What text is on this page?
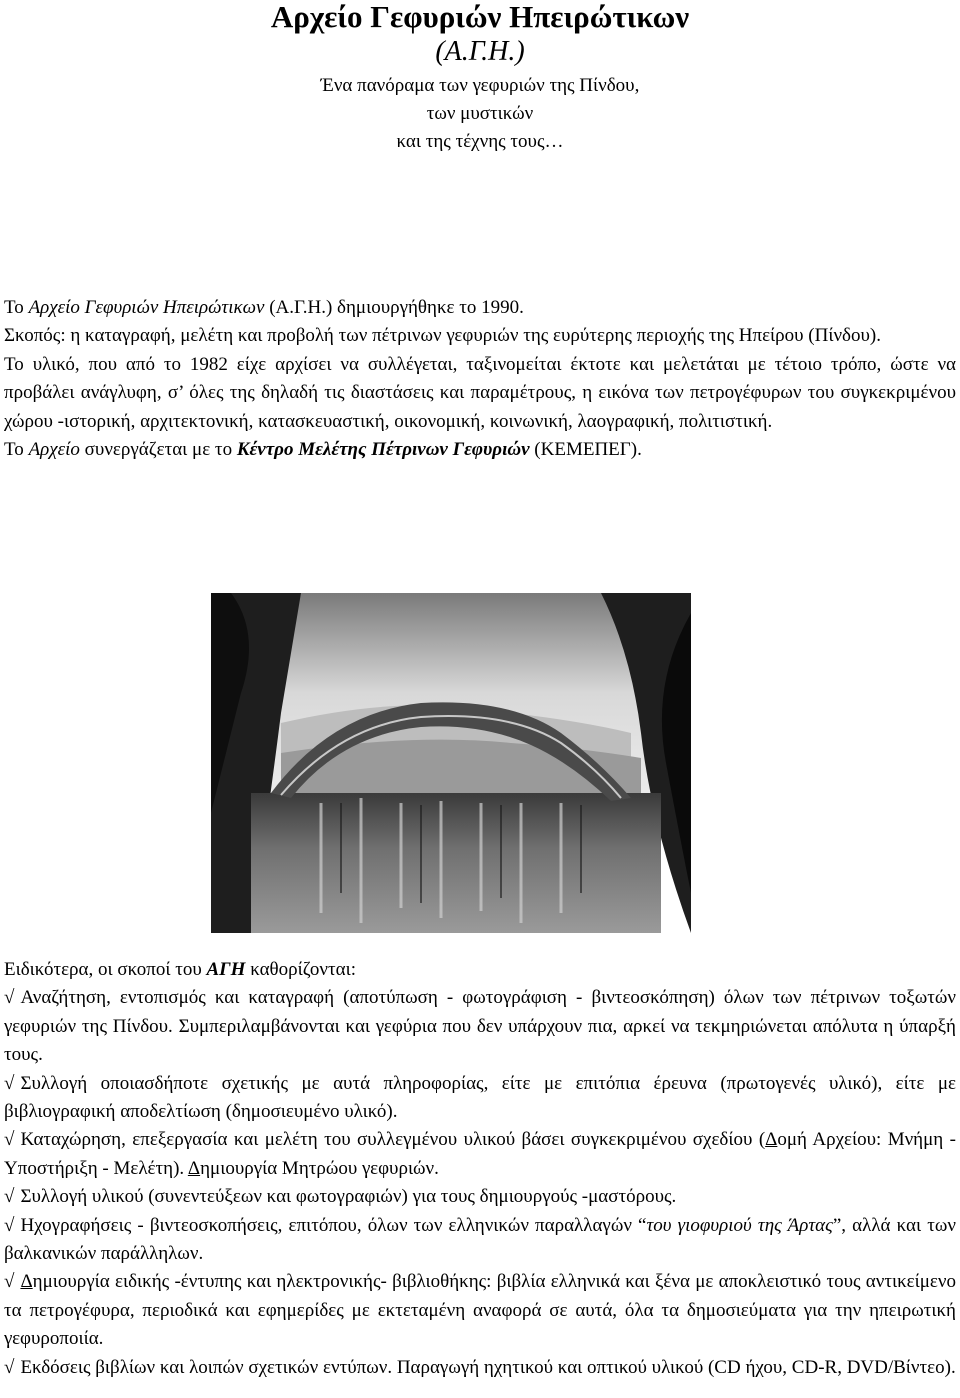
Αρχείο Γεφυριών Ηπειρώτικων
(Α.Γ.Η.)
Ένα πανόραμα των γεφυριών της Πίνδου,
των μυστικών
και της τέχνης τους…

Το Αρχείο Γεφυριών Ηπειρώτικων (Α.Γ.Η.) δημιουργήθηκε το 1990.

Σκοπός: η καταγραφή, μελέτη και προβολή των πέτρινων γεφυριών της ευρύτερης περιοχής της Ηπείρου (Πίνδου).

Το υλικό, που από το 1982 είχε αρχίσει να συλλέγεται, ταξινομείται έκτοτε και μελετάται με τέτοιο τρόπο, ώστε να προβάλει ανάγλυφη, σ’ όλες της δηλαδή τις διαστάσεις και παραμέτρους, η εικόνα των πετρογέφυρων του συγκεκριμένου χώρου -ιστορική, αρχιτεκτονική, κατασκευαστική, οικονομική, κοινωνική, λαογραφική, πολιτιστική.

Το Αρχείο συνεργάζεται με το Κέντρο Μελέτης Πέτρινων Γεφυριών (ΚΕΜΕΠΕΓ).

Ειδικότερα, οι σκοποί του ΑΓΗ καθορίζονται:

√ Αναζήτηση, εντοπισμός και καταγραφή (αποτύπωση - φωτογράφιση - βιντεοσκόπηση) όλων των πέτρινων τοξωτών γεφυριών της Πίνδου. Συμπεριλαμβάνονται και γεφύρια που δεν υπάρχουν πια, αρκεί να τεκμηριώνεται απόλυτα η ύπαρξή τους.

√ Συλλογή οποιασδήποτε σχετικής με αυτά πληροφορίας, είτε με επιτόπια έρευνα (πρωτογενές υλικό), είτε με βιβλιογραφική αποδελτίωση (δημοσιευμένο υλικό).

√ Καταχώρηση, επεξεργασία και μελέτη του συλλεγμένου υλικού βάσει συγκεκριμένου σχεδίου (Δομή Αρχείου: Μνήμη - Υποστήριξη - Μελέτη). Δημιουργία Μητρώου γεφυριών.

√ Συλλογή υλικού (συνεντεύξεων και φωτογραφιών) για τους δημιουργούς -μαστόρους.

√ Ηχογραφήσεις - βιντεοσκοπήσεις, επιτόπου, όλων των ελληνικών παραλλαγών “του γιοφυριού της Άρτας”, αλλά και των βαλκανικών παράλληλων.

√ Δημιουργία ειδικής -έντυπης και ηλεκτρονικής- βιβλιοθήκης: βιβλία ελληνικά και ξένα με αποκλειστικό τους αντικείμενο τα πετρογέφυρα, περιοδικά και εφημερίδες με εκτεταμένη αναφορά σε αυτά, όλα τα δημοσιεύματα για την ηπειρωτική γεφυροποιία.

√ Εκδόσεις βιβλίων και λοιπών σχετικών εντύπων. Παραγωγή ηχητικού και οπτικού υλικού (CD ήχου, CD-R, DVD/Βίντεο).
